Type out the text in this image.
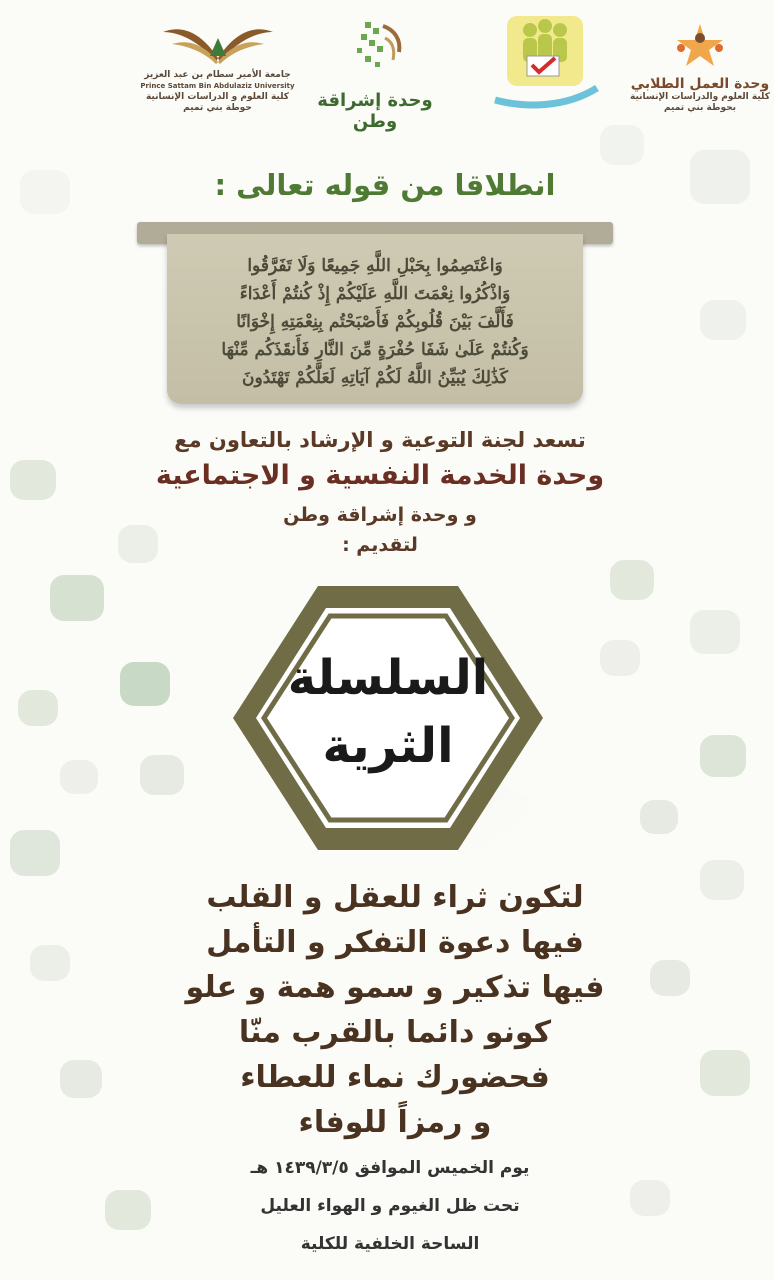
جامعة الأمير سطام بن عبد العزيز
Prince Sattam Bin Abdulaziz University
كلية العلوم و الدراسات الإنسانية
حوطة بني تميم	وحدة إشراقة وطن
وحدة العمل الطلابي
كلية العلوم والدراسات الإنسانية
بحوطة بني تميم
انطلاقا من قوله تعالى :
وَاعْتَصِمُوا بِحَبْلِ اللَّهِ جَمِيعًا وَلَا تَفَرَّقُوا
وَاذْكُرُوا نِعْمَتَ اللَّهِ عَلَيْكُمْ إِذْ كُنتُمْ أَعْدَاءً
فَأَلَّفَ بَيْنَ قُلُوبِكُمْ فَأَصْبَحْتُم بِنِعْمَتِهِ إِخْوَانًا
وَكُنتُمْ عَلَىٰ شَفَا حُفْرَةٍ مِّنَ النَّارِ فَأَنقَذَكُم مِّنْهَا
كَذَٰلِكَ يُبَيِّنُ اللَّهُ لَكُمْ آيَاتِهِ لَعَلَّكُمْ تَهْتَدُونَ
تسعد لجنة التوعية و الإرشاد بالتعاون مع
وحدة الخدمة النفسية و الاجتماعية
و وحدة إشراقة وطن
لتقديم :
السلسلة
الثرية
لتكون ثراء للعقل و القلب
فيها دعوة التفكر و التأمل
فيها تذكير و سمو همة و علو
كونو دائما بالقرب منّا
فحضورك نماء للعطاء
و رمزاً للوفاء
يوم الخميس الموافق ١٤٣٩/٣/٥ هـ
تحت ظل الغيوم و الهواء العليل
الساحة الخلفية للكلية
